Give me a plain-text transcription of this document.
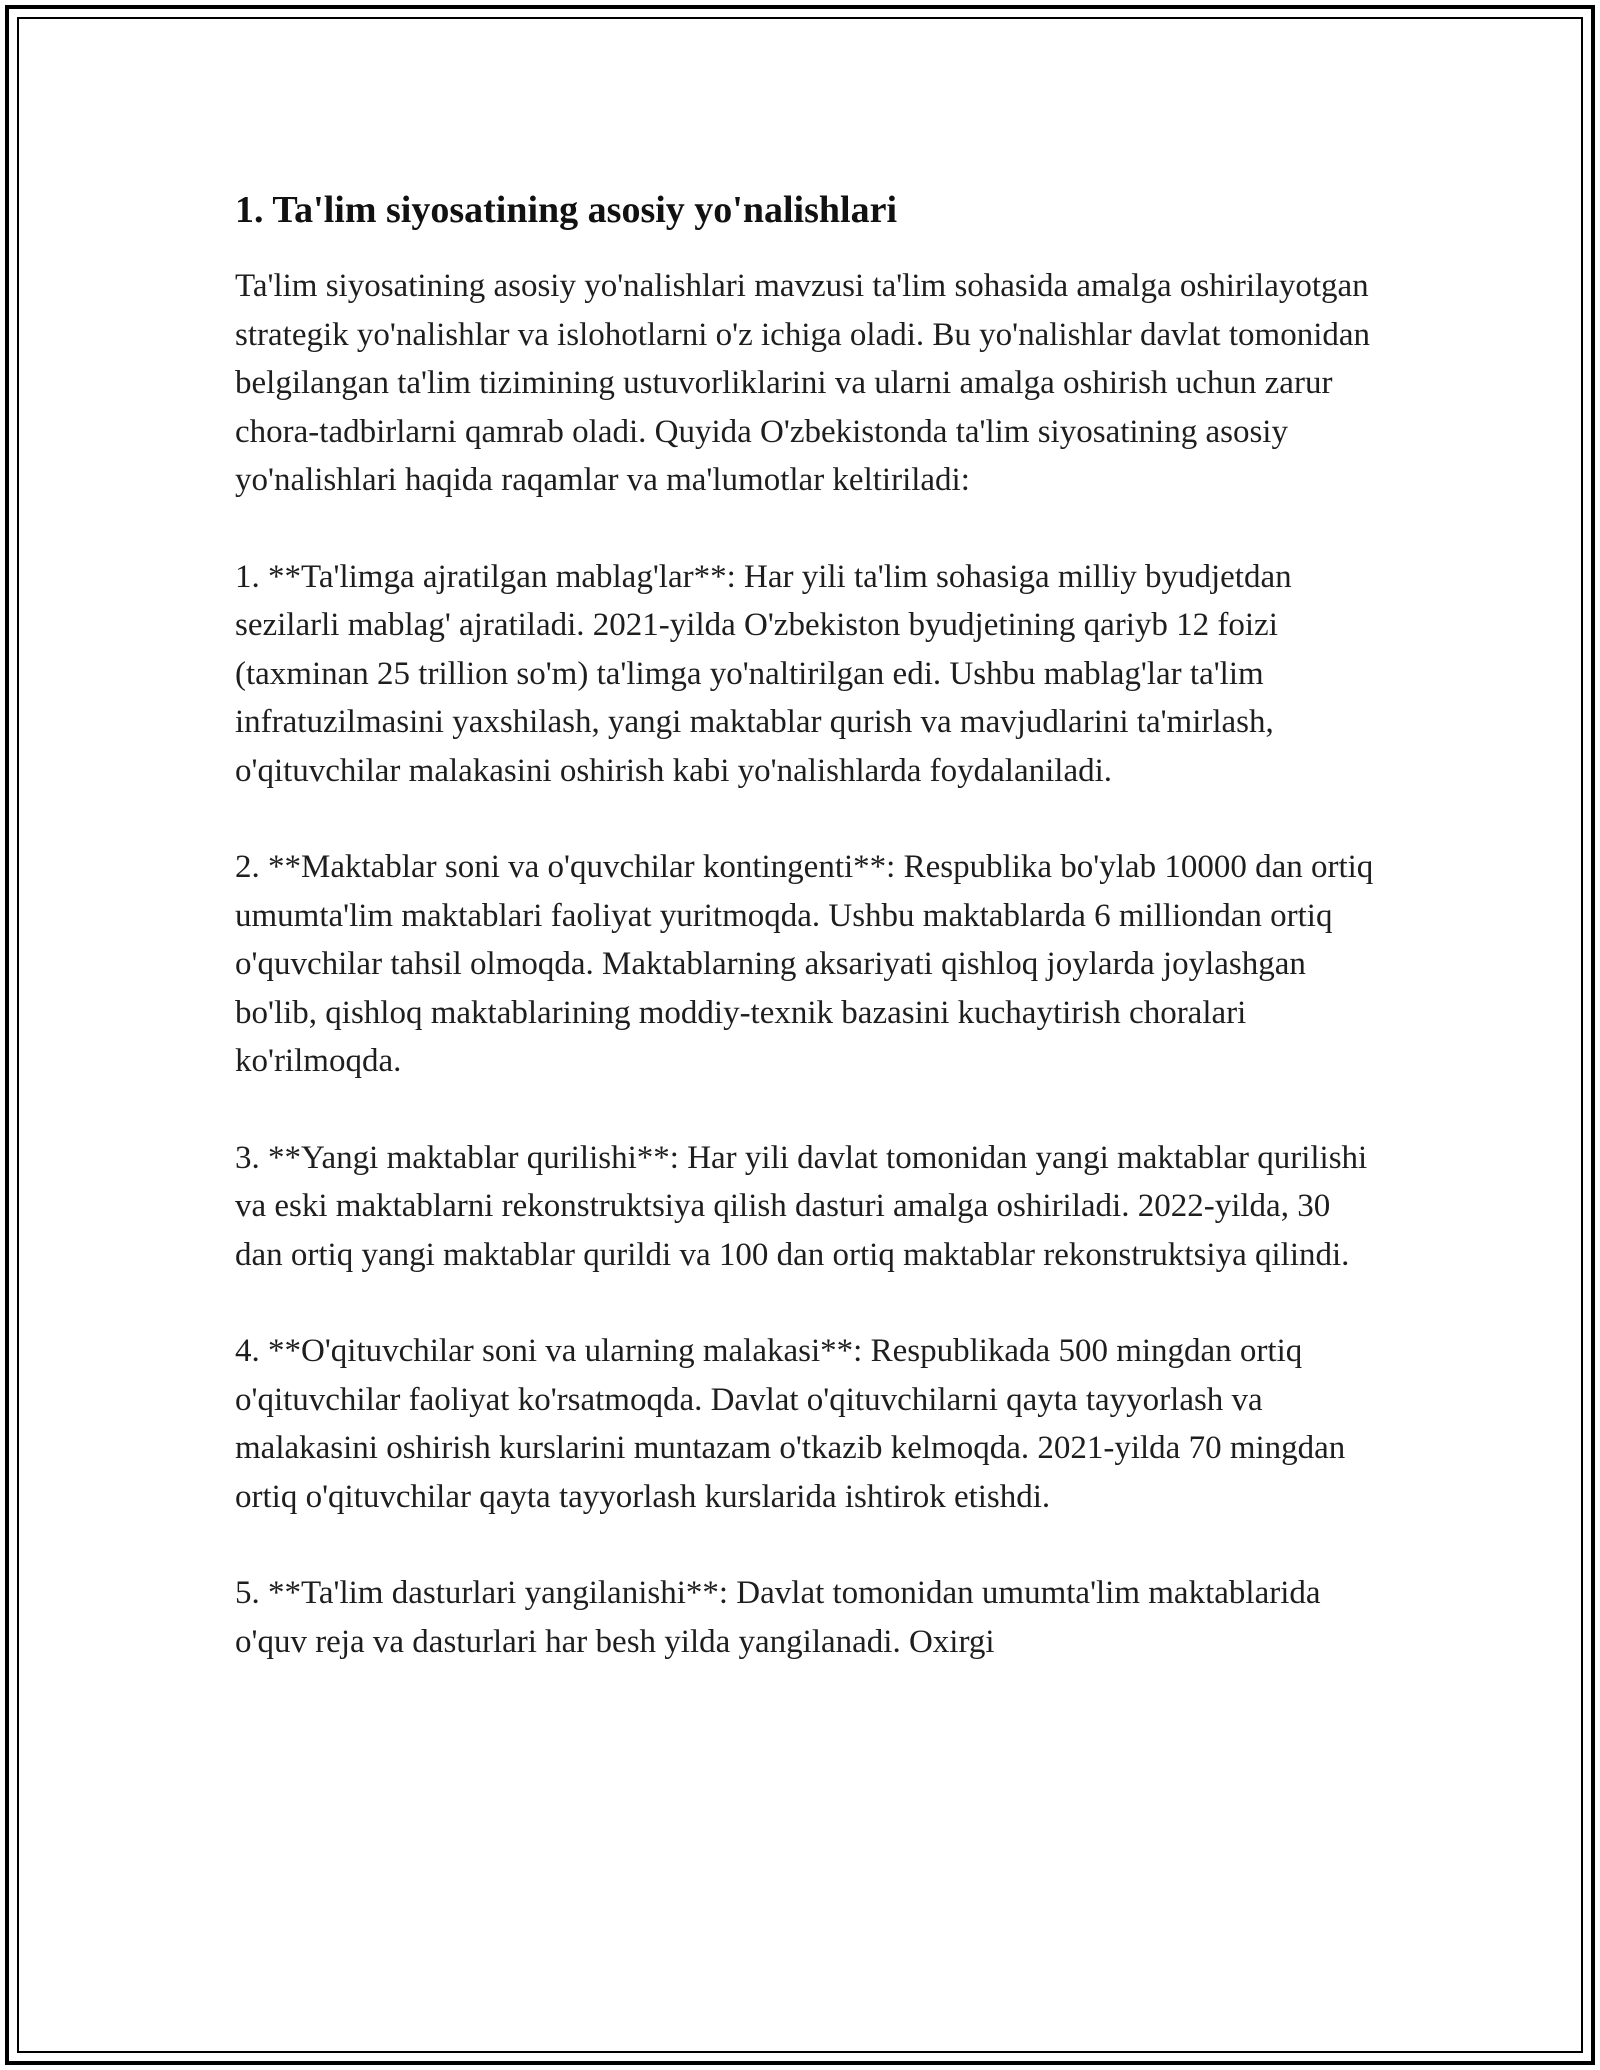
1. Ta'lim siyosatining asosiy yo'nalishlari

Ta'lim siyosatining asosiy yo'nalishlari mavzusi ta'lim sohasida amalga oshirilayotgan strategik yo'nalishlar va islohotlarni o'z ichiga oladi. Bu yo'nalishlar davlat tomonidan belgilangan ta'lim tizimining ustuvorliklarini va ularni amalga oshirish uchun zarur chora-tadbirlarni qamrab oladi. Quyida O'zbekistonda ta'lim siyosatining asosiy yo'nalishlari haqida raqamlar va ma'lumotlar keltiriladi:

1. **Ta'limga ajratilgan mablag'lar**: Har yili ta'lim sohasiga milliy byudjetdan sezilarli mablag' ajratiladi. 2021-yilda O'zbekiston byudjetining qariyb 12 foizi (taxminan 25 trillion so'm) ta'limga yo'naltirilgan edi. Ushbu mablag'lar ta'lim infratuzilmasini yaxshilash, yangi maktablar qurish va mavjudlarini ta'mirlash, o'qituvchilar malakasini oshirish kabi yo'nalishlarda foydalaniladi.

2. **Maktablar soni va o'quvchilar kontingenti**: Respublika bo'ylab 10000 dan ortiq umumta'lim maktablari faoliyat yuritmoqda. Ushbu maktablarda 6 milliondan ortiq o'quvchilar tahsil olmoqda. Maktablarning aksariyati qishloq joylarda joylashgan bo'lib, qishloq maktablarining moddiy-texnik bazasini kuchaytirish choralari ko'rilmoqda.

3. **Yangi maktablar qurilishi**: Har yili davlat tomonidan yangi maktablar qurilishi va eski maktablarni rekonstruktsiya qilish dasturi amalga oshiriladi. 2022-yilda, 30 dan ortiq yangi maktablar qurildi va 100 dan ortiq maktablar rekonstruktsiya qilindi.

4. **O'qituvchilar soni va ularning malakasi**: Respublikada 500 mingdan ortiq o'qituvchilar faoliyat ko'rsatmoqda. Davlat o'qituvchilarni qayta tayyorlash va malakasini oshirish kurslarini muntazam o'tkazib kelmoqda. 2021-yilda 70 mingdan ortiq o'qituvchilar qayta tayyorlash kurslarida ishtirok etishdi.

5. **Ta'lim dasturlari yangilanishi**: Davlat tomonidan umumta'lim maktablarida o'quv reja va dasturlari har besh yilda yangilanadi. Oxirgi
